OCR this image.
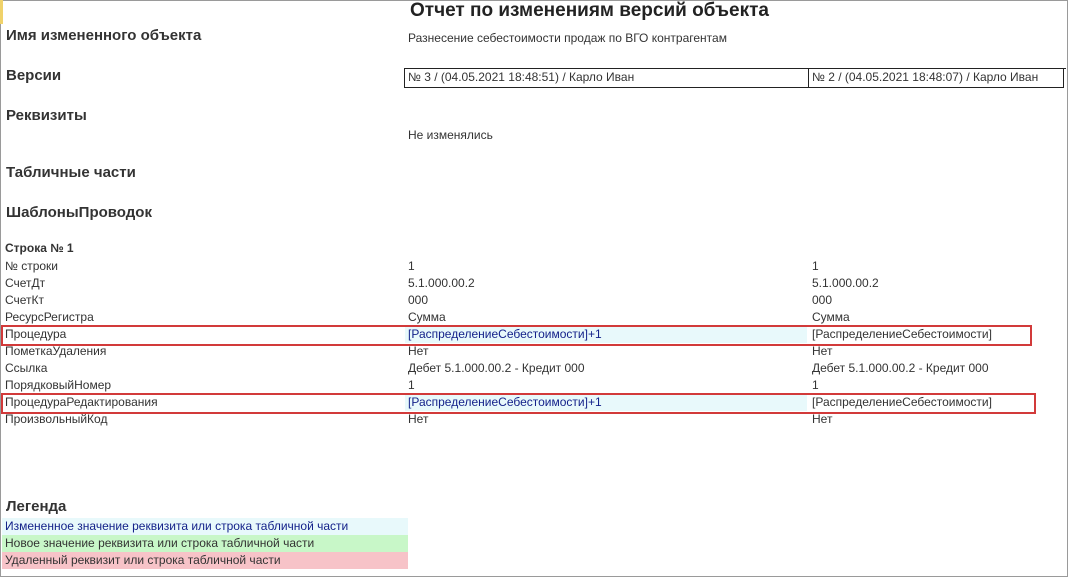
Отчет по изменениям версий объекта
Имя измененного объекта	Разнесение себестоимости продаж по ВГО контрагентам
Версии	№ 3 / (04.05.2021 18:48:51) / Карло Иван	№ 2 / (04.05.2021 18:48:07) / Карло Иван
Реквизиты
Не изменялись
Табличные части
ШаблоныПроводок
Строка № 1
№ строки	1	1
СчетДт	5.1.000.00.2	5.1.000.00.2
СчетКт	000	000
РесурсРегистра	Сумма	Сумма
Процедура	[РаспределениеСебестоимости]+1	[РаспределениеСебестоимости]
ПометкаУдаления	Нет	Нет
Ссылка	Дебет 5.1.000.00.2 - Кредит 000	Дебет 5.1.000.00.2 - Кредит 000
ПорядковыйНомер	1	1
ПроцедураРедактирования	[РаспределениеСебестоимости]+1	[РаспределениеСебестоимости]
ПроизвольныйКод	Нет	Нет
Легенда
Измененное значение реквизита или строка табличной части
Новое значение реквизита или строка табличной части
Удаленный реквизит или строка табличной части
